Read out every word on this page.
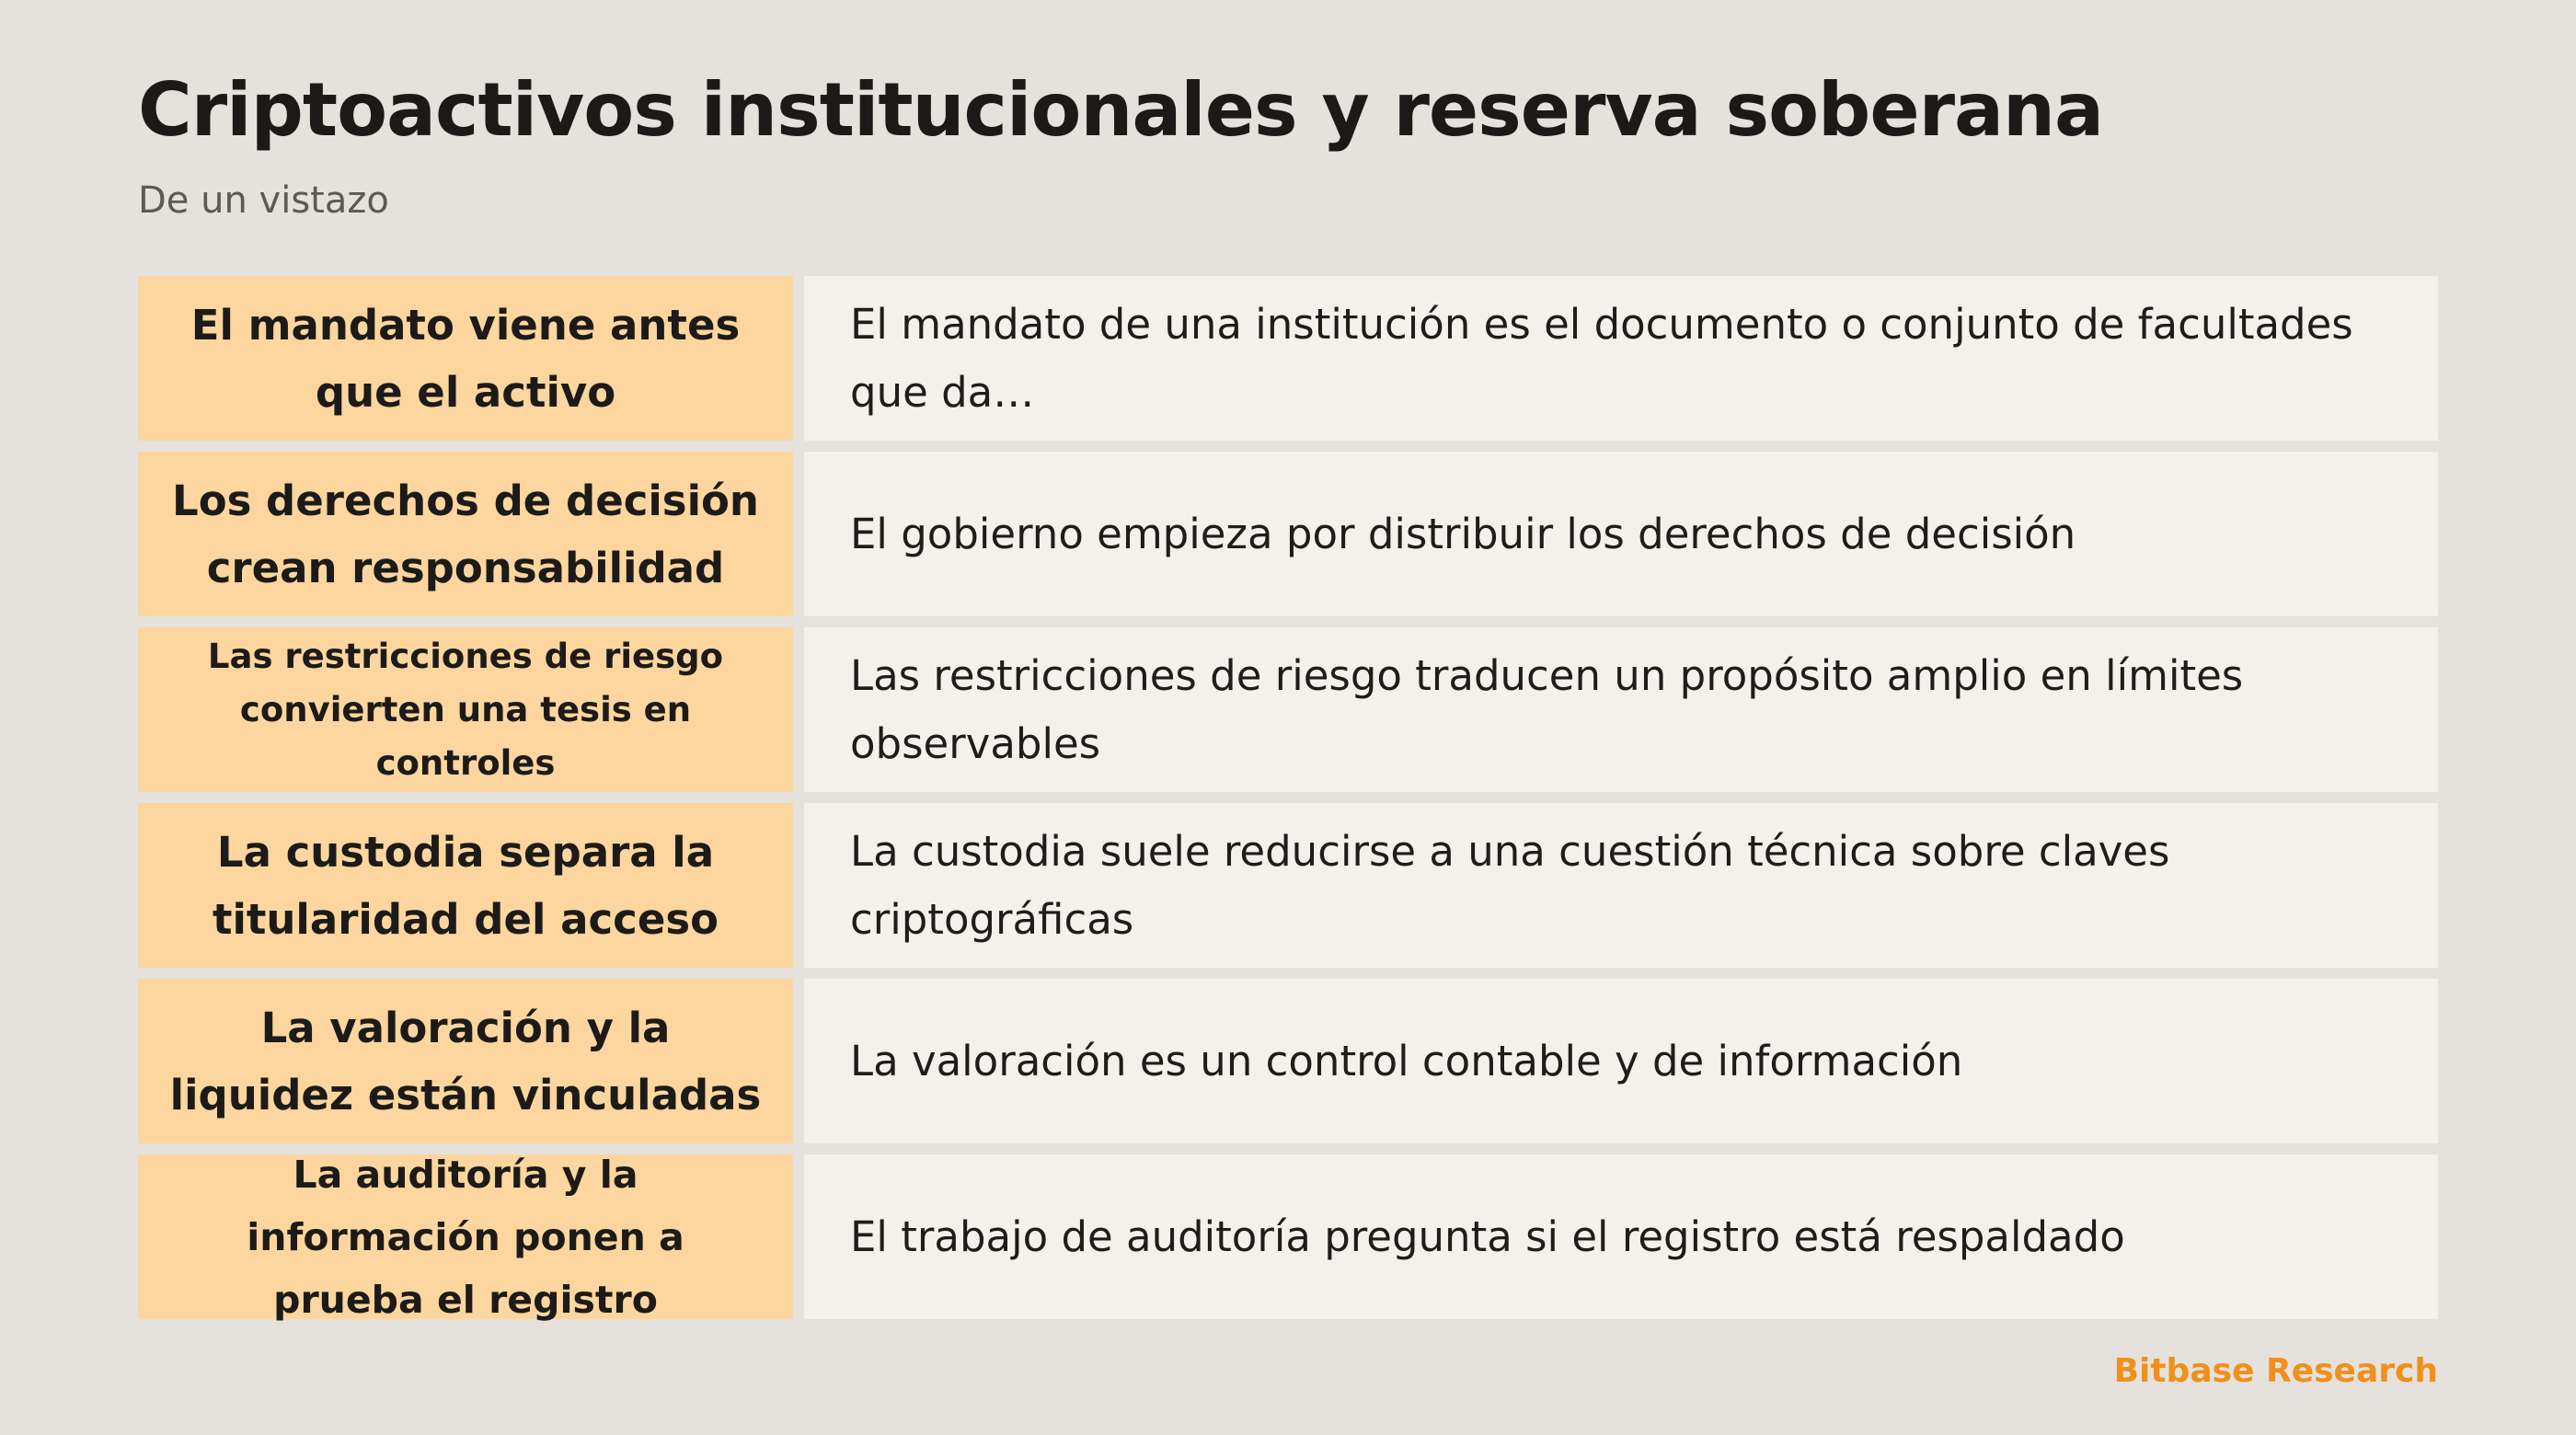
Criptoactivos institucionales y reserva soberana

De un vistazo

El mandato viene antes que el activo
El mandato de una institución es el documento o conjunto de facultades que da…
Los derechos de decisión crean responsabilidad
El gobierno empieza por distribuir los derechos de decisión
Las restricciones de riesgo convierten una tesis en controles
Las restricciones de riesgo traducen un propósito amplio en límites observables
La custodia separa la titularidad del acceso
La custodia suele reducirse a una cuestión técnica sobre claves criptográficas
La valoración y la liquidez están vinculadas
La valoración es un control contable y de información
La auditoría y la información ponen a prueba el registro
El trabajo de auditoría pregunta si el registro está respaldado
Bitbase Research
